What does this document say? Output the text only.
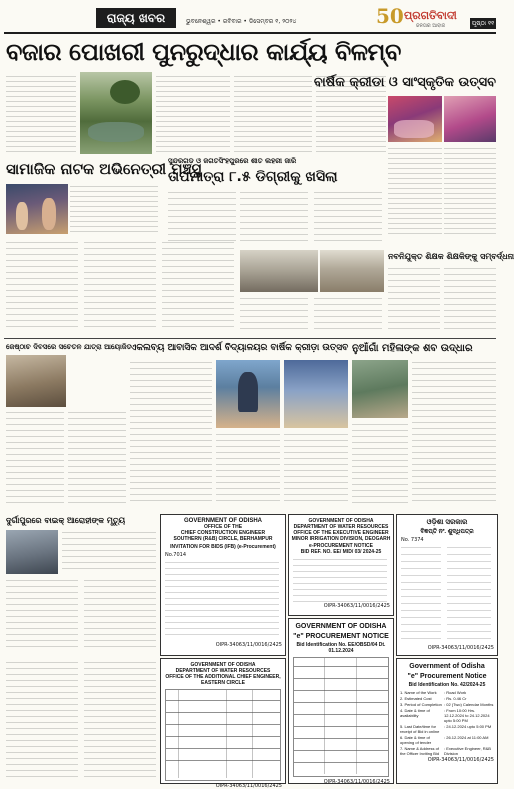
ରାଜ୍ୟ ଖବର	ଭୁବନେଶ୍ୱର • ରବିବାର • ଡିସେମ୍ବର ୧, ୨୦୨୪	50 ପ୍ରଗତିବାଦୀ
ଜନତାର ଆବାଜ	ପୃଷ୍ଠା ୧୧
ବଜାର ପୋଖରୀ ପୁନରୁଦ୍ଧାର କାର୍ଯ୍ୟ ବିଳମ୍ବ
ବାର୍ଷିକ କ୍ରୀଡା ଓ ସାଂସ୍କୃତିକ ଉତ୍ସବ
ସାମାଜିକ ନାଟକ ଅଭିନେତ୍ରୀ ମଞ୍ଚସ୍ଥ
ସୁନ୍ଦରଗଡ଼ ଓ ଜଗତସିଂହପୁରରେ ଶୀତ ଲହରୀ ଜାରି
ତାପମାତ୍ରା ୮.୫ ଡିଗ୍ରୀକୁ ଖସିଲା
ନବନିଯୁକ୍ତ ଶିକ୍ଷକ ଶିକ୍ଷକିଙ୍କୁ ସମ୍ବର୍ଦ୍ଧନା
ଜେଷ୍ଠାଚ ଦିବସରେ ସଚେତନ ଯାତ୍ରା ଆୟୋଜିତ
ଏକଲବ୍ୟ ଆବାସିକ ଆଦର୍ଶ ବିଦ୍ୟାଳୟର ବାର୍ଷିକ କ୍ରୀଡ଼ା ଉତ୍ସବ ନୁଆଁଗାଁ ମହିଳାଙ୍କ ଶବ ଉଦ୍ଧାର
ଦୁର୍ଗାପୁରରେ ବାଇକ୍ ଆରୋହୀଙ୍କ ମୃତ୍ୟୁ	GOVERNMENT OF ODISHA
OFFICE OF THE
CHIEF CONSTRUCTION ENGINEER
SOUTHERN (R&B) CIRCLE, BERHAMPUR
INVITATION FOR BIDS (IFB) (e-Procurement)
No.7014
OIPR-34063/11/0016/2425
GOVERNMENT OF ODISHA
DEPARTMENT OF WATER RESOURCES
OFFICE OF THE EXECUTIVE ENGINEER
MINOR IRRIGATION DIVISION, DEOGARH
e-PROCUREMENT NOTICE
BID REF. NO. EE/ MID/ 03/ 2024-25
OIPR-34063/11/0016/2425
ଓଡ଼ିଶା ସରକାର
ବିଜ୍ଞପ୍ତି ନଂ. ଶୁଦ୍ଧିପତ୍ର
No. 7374
OIPR-34063/11/0016/2425
GOVERNMENT OF ODISHA
"e" PROCUREMENT NOTICE
Bid Identification No. EE/OBSD/04 Dt. 01.12.2024
OIPR-34063/11/0016/2425
GOVERNMENT OF ODISHA
DEPARTMENT OF WATER RESOURCES
OFFICE OF THE ADDITIONAL CHIEF ENGINEER, EASTERN CIRCLE
OIPR-34063/11/0016/2425
Government of Odisha
"e" Procurement Notice
Bid Identification No. 42/2024-25
1. Name of the Work	: Road Work
2. Estimated Cost	: Rs. 0.46 Cr
3. Period of Completion : 02 (Two) Calendar Months
4. Date & time of availability
: From 10:00 Hrs. 12.12.2024 to 24.12.2024 upto 5:00 PM
5. Last Date/time for receipt of Bid in online
: 24.12.2024 upto 5:00 PM
6. Date & time of opening of tender
: 26.12.2024 at 11:00 AM
7. Name & Address of the Officer Inviting Bid
: Executive Engineer, R&B Division
OIPR-34063/11/0016/2425
